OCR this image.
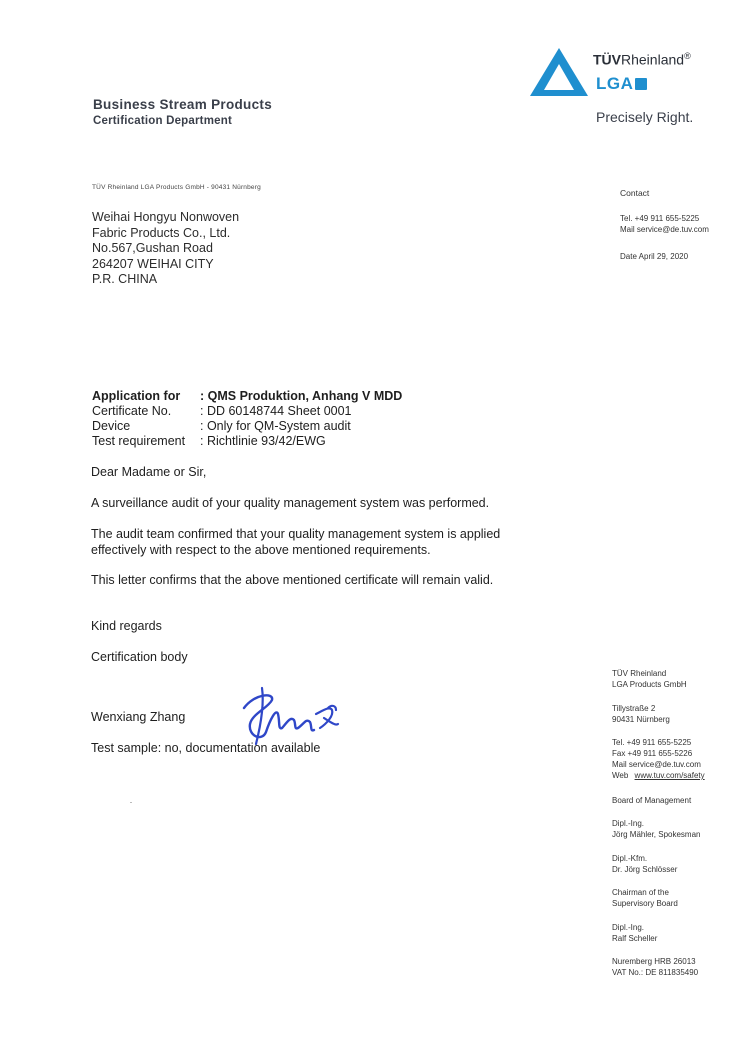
Business Stream Products
Certification Department
TÜVRheinland®
LGA
Precisely Right.
TÜV Rheinland LGA Products GmbH - 90431 Nürnberg
Weihai Hongyu Nonwoven
Fabric Products Co., Ltd.
No.567,Gushan Road
264207 WEIHAI CITY
P.R. CHINA
Contact
Tel. +49 911 655-5225
Mail service@de.tuv.com
Date April 29, 2020
Application for	: QMS Produktion, Anhang V MDD
Certificate No.	: DD 60148744 Sheet 0001
Device	: Only for QM-System audit
Test requirement	: Richtlinie 93/42/EWG
Dear Madame or Sir,
A surveillance audit of your quality management system was performed.
The audit team confirmed that your quality management system is applied effectively with respect to the above mentioned requirements.
This letter confirms that the above mentioned certificate will remain valid.
Kind regards
Certification body
Wenxiang Zhang
Test sample: no, documentation available
TÜV Rheinland
LGA Products GmbH
Tillystraße 2
90431 Nürnberg
Tel. +49 911 655-5225
Fax +49 911 655-5226
Mail service@de.tuv.com
Web www.tuv.com/safety
Board of Management
Dipl.-Ing.
Jörg Mähler, Spokesman
Dipl.-Kfm.
Dr. Jörg Schlösser
Chairman of the
Supervisory Board
Dipl.-Ing.
Ralf Scheller
Nuremberg HRB 26013
VAT No.: DE 811835490
